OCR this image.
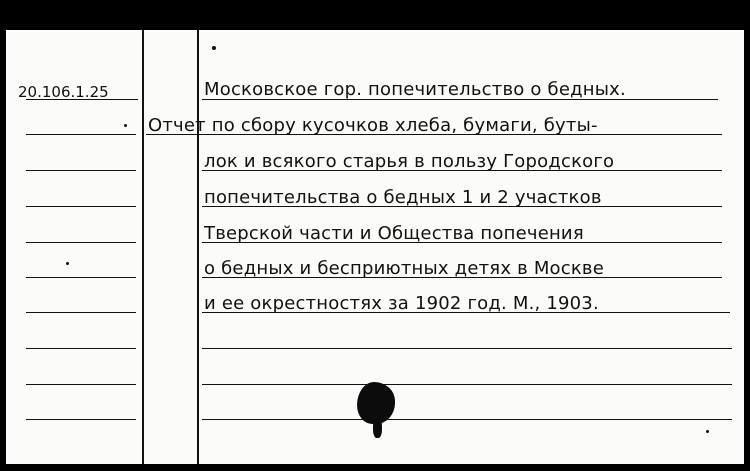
20.106.1.25	Московское гор. попечительство о бедных.
Отчет по сбору кусочков хлеба, бумаги, буты-
лок и всякого старья в пользу Городского
попечительства о бедных 1 и 2 участков
Тверской части и Общества попечения
о бедных и бесприютных детях в Москве
и ее окрестностях за 1902 год. М., 1903.
